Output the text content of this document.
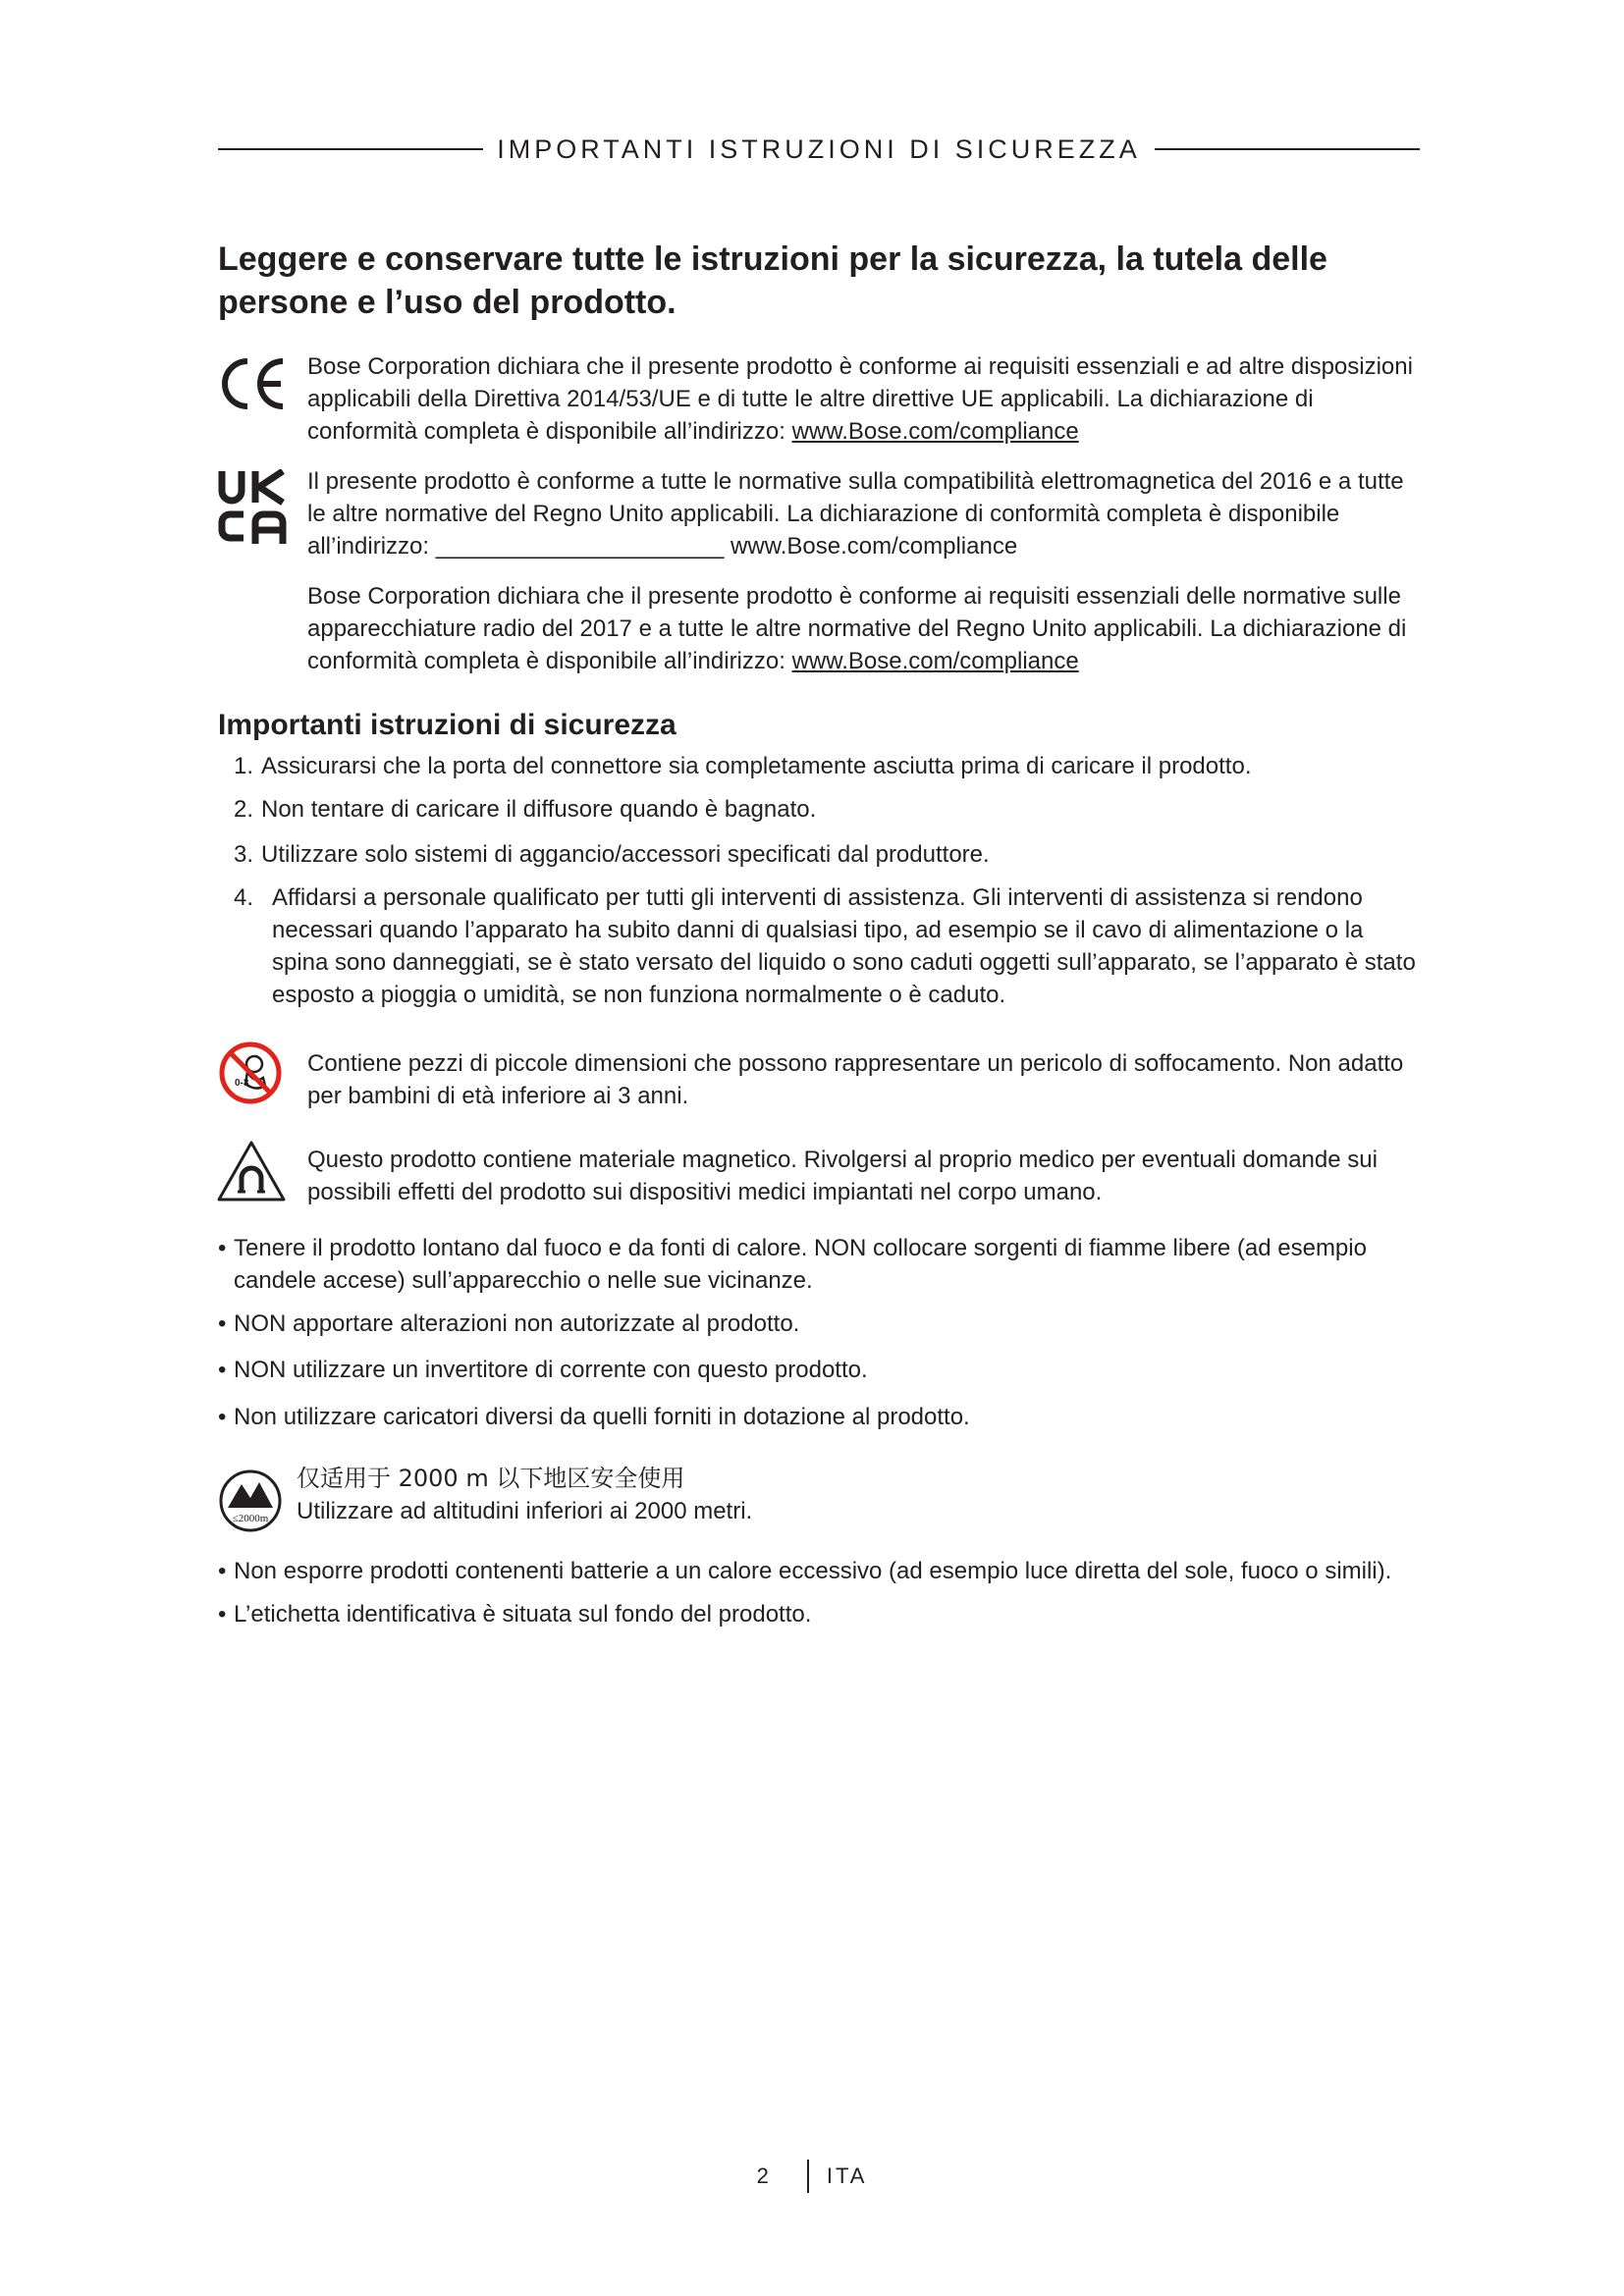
IMPORTANTI ISTRUZIONI DI SICUREZZA
Leggere e conservare tutte le istruzioni per la sicurezza, la tutela delle persone e l’uso del prodotto.

Bose Corporation dichiara che il presente prodotto è conforme ai requisiti essenziali e ad altre disposizioni applicabili della Direttiva 2014/53/UE e di tutte le altre direttive UE applicabili. La dichiarazione di conformità completa è disponibile all’indirizzo: www.Bose.com/compliance

Il presente prodotto è conforme a tutte le normative sulla compatibilità elettromagnetica del 2016 e a tutte le altre normative del Regno Unito applicabili. La dichiarazione di conformità completa è disponibile all’indirizzo: ______________________ www.Bose.com/compliance

Bose Corporation dichiara che il presente prodotto è conforme ai requisiti essenziali delle normative sulle apparecchiature radio del 2017 e a tutte le altre normative del Regno Unito applicabili. La dichiarazione di conformità completa è disponibile all’indirizzo: www.Bose.com/compliance

Importanti istruzioni di sicurezza
1. Assicurarsi che la porta del connettore sia completamente asciutta prima di caricare il prodotto.
2. Non tentare di caricare il diffusore quando è bagnato.
3. Utilizzare solo sistemi di aggancio/accessori specificati dal produttore.
4. Affidarsi a personale qualificato per tutti gli interventi di assistenza. Gli interventi di assistenza si rendono necessari quando l’apparato ha subito danni di qualsiasi tipo, ad esempio se il cavo di alimentazione o la spina sono danneggiati, se è stato versato del liquido o sono caduti oggetti sull’apparato, se l’apparato è stato esposto a pioggia o umidità, se non funziona normalmente o è caduto.
0-3

Contiene pezzi di piccole dimensioni che possono rappresentare un pericolo di soffocamento. Non adatto per bambini di età inferiore ai 3 anni.

Questo prodotto contiene materiale magnetico. Rivolgersi al proprio medico per eventuali domande sui possibili effetti del prodotto sui dispositivi medici impiantati nel corpo umano.

• Tenere il prodotto lontano dal fuoco e da fonti di calore. NON collocare sorgenti di fiamme libere (ad esempio candele accese) sull’apparecchio o nelle sue vicinanze.
• NON apportare alterazioni non autorizzate al prodotto.
• NON utilizzare un invertitore di corrente con questo prodotto.
• Non utilizzare caricatori diversi da quelli forniti in dotazione al prodotto.
≤2000m

仅适用于 2000 m 以下地区安全使用

Utilizzare ad altitudini inferiori ai 2000 metri.

• Non esporre prodotti contenenti batterie a un calore eccessivo (ad esempio luce diretta del sole, fuoco o simili).
• L’etichetta identificativa è situata sul fondo del prodotto.
2	ITA
